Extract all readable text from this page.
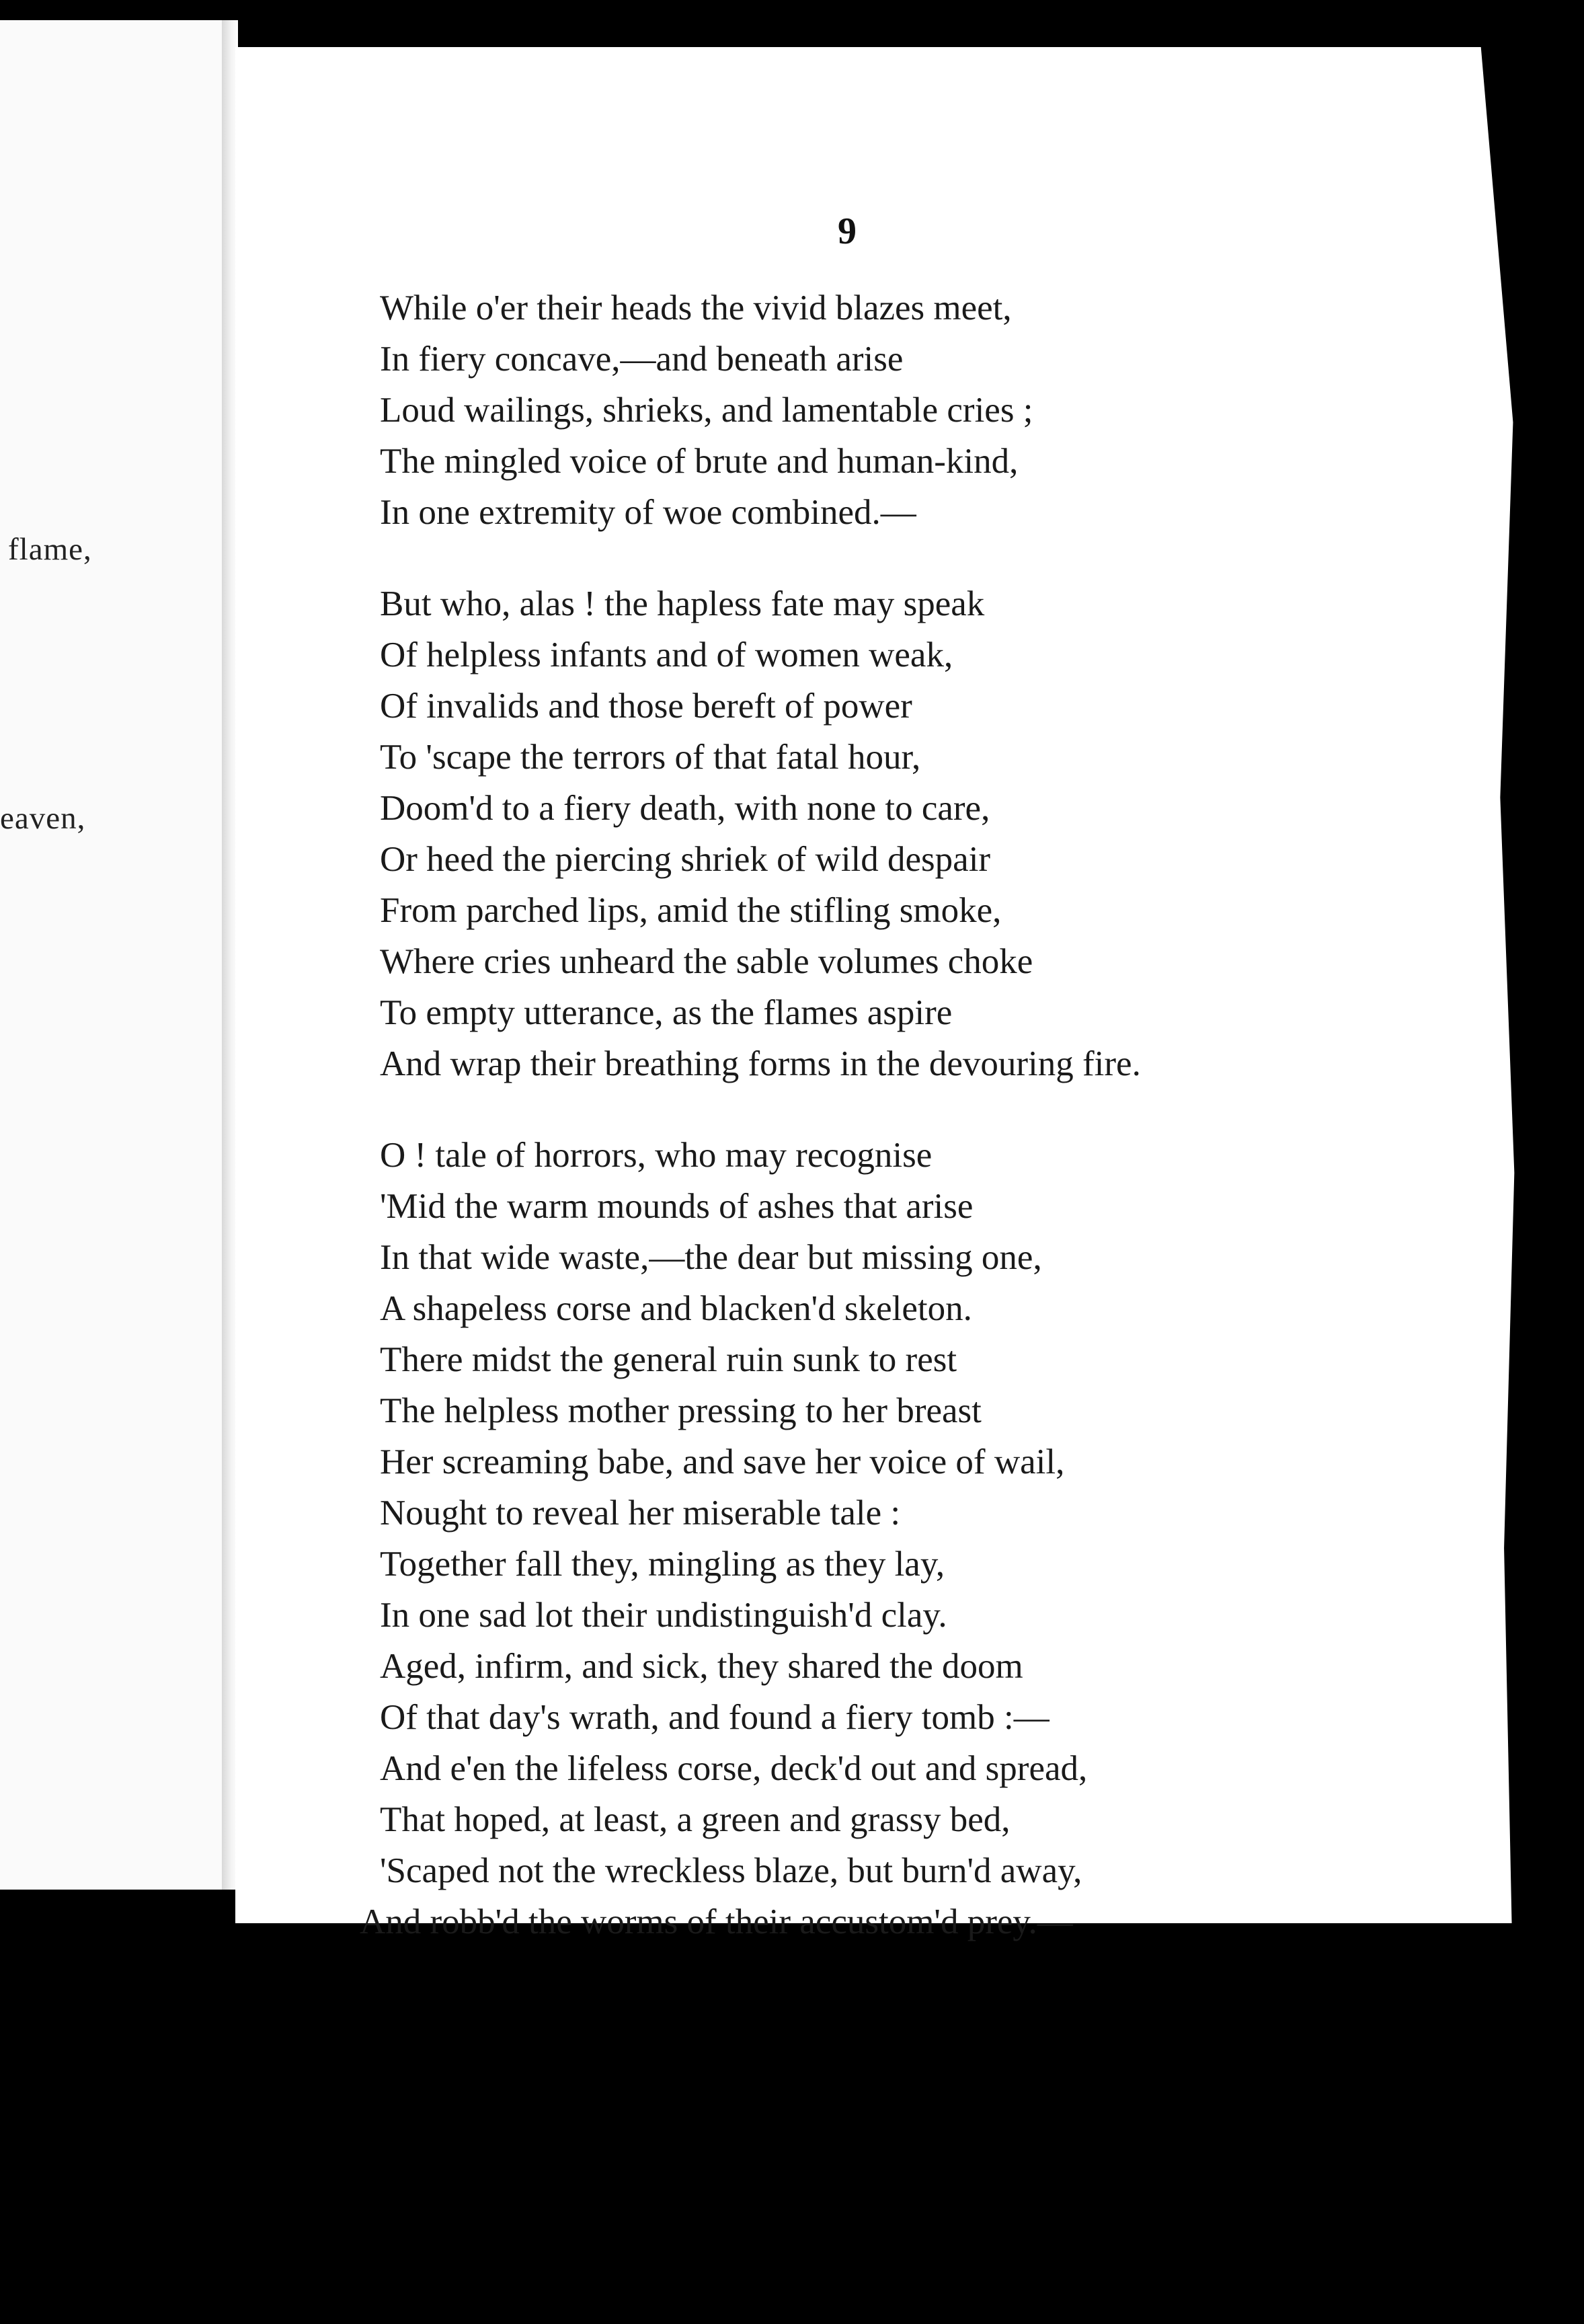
flame,
eaven,
9
While o'er their heads the vivid blazes meet,
In fiery concave,—and beneath arise
Loud wailings, shrieks, and lamentable cries ;
The mingled voice of brute and human-kind,
In one extremity of woe combined.—
But who, alas ! the hapless fate may speak
Of helpless infants and of women weak,
Of invalids and those bereft of power
To 'scape the terrors of that fatal hour,
Doom'd to a fiery death, with none to care,
Or heed the piercing shriek of wild despair
From parched lips, amid the stifling smoke,
Where cries unheard the sable volumes choke
To empty utterance, as the flames aspire
And wrap their breathing forms in the devouring fire.
O ! tale of horrors, who may recognise
'Mid the warm mounds of ashes that arise
In that wide waste,—the dear but missing one,
A shapeless corse and blacken'd skeleton.
There midst the general ruin sunk to rest
The helpless mother pressing to her breast
Her screaming babe, and save her voice of wail,
Nought to reveal her miserable tale :
Together fall they, mingling as they lay,
In one sad lot their undistinguish'd clay.
Aged, infirm, and sick, they shared the doom
Of that day's wrath, and found a fiery tomb :—
And e'en the lifeless corse, deck'd out and spread,
That hoped, at least, a green and grassy bed,
'Scaped not the wreckless blaze, but burn'd away,
And robb'd the worms of their accustom'd prey.—
